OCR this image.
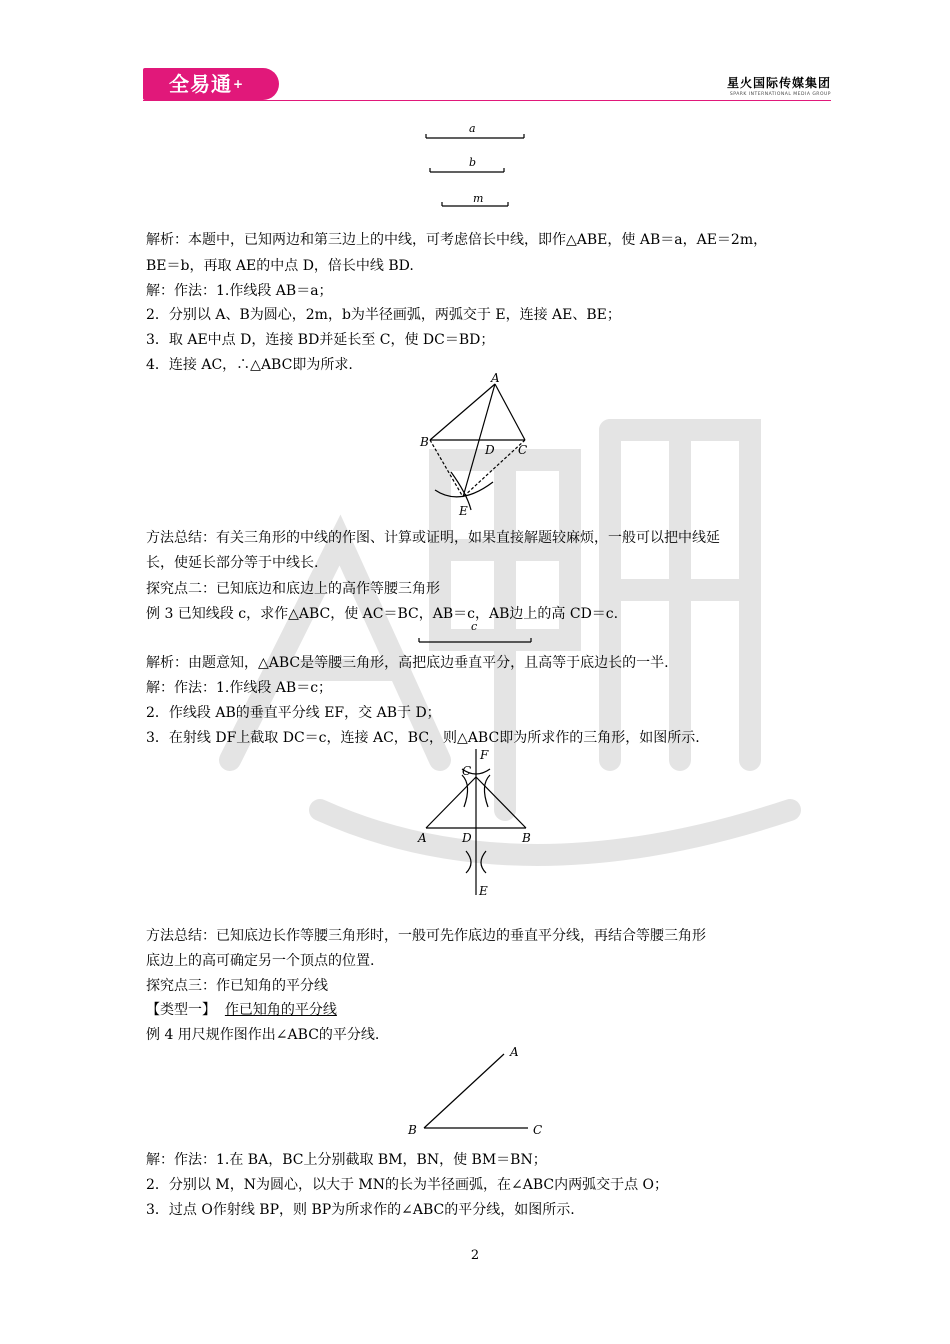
全易通+	星火国际传媒集团
SPARK INTERNATIONAL MEDIA GROUP
a
b
m
解析：本题中，已知两边和第三边上的中线，可考虑倍长中线，即作△ABE，使 AB＝a，AE＝2m，
BE＝b，再取 AE的中点 D，倍长中线 BD.
解：作法：1.作线段 AB＝a；
2．分别以 A、B为圆心，2m，b为半径画弧，两弧交于 E，连接 AE、BE；
3．取 AE中点 D，连接 BD并延长至 C，使 DC＝BD；
4．连接 AC，∴△ABC即为所求.
A
B
D C
E
方法总结：有关三角形的中线的作图、计算或证明，如果直接解题较麻烦，一般可以把中线延
长，使延长部分等于中线长.
探究点二：已知底边和底边上的高作等腰三角形
例 3 已知线段 c，求作△ABC，使 AC＝BC，AB＝c，AB边上的高 CD＝c.
c
解析：由题意知，△ABC是等腰三角形，高把底边垂直平分，且高等于底边长的一半.
解：作法：1.作线段 AB＝c；
2．作线段 AB的垂直平分线 EF，交 AB于 D；
3．在射线 DF上截取 DC＝c，连接 AC，BC，则△ABC即为所求作的三角形，如图所示.
F
C
A	D	B
E
方法总结：已知底边长作等腰三角形时，一般可先作底边的垂直平分线，再结合等腰三角形
底边上的高可确定另一个顶点的位置.
探究点三：作已知角的平分线
【类型一】 作已知角的平分线
例 4 用尺规作图作出∠ABC的平分线.
A
B	C
解：作法：1.在 BA，BC上分别截取 BM，BN，使 BM＝BN；
2．分别以 M，N为圆心，以大于 MN的长为半径画弧，在∠ABC内两弧交于点 O；
3．过点 O作射线 BP，则 BP为所求作的∠ABC的平分线，如图所示.
2
